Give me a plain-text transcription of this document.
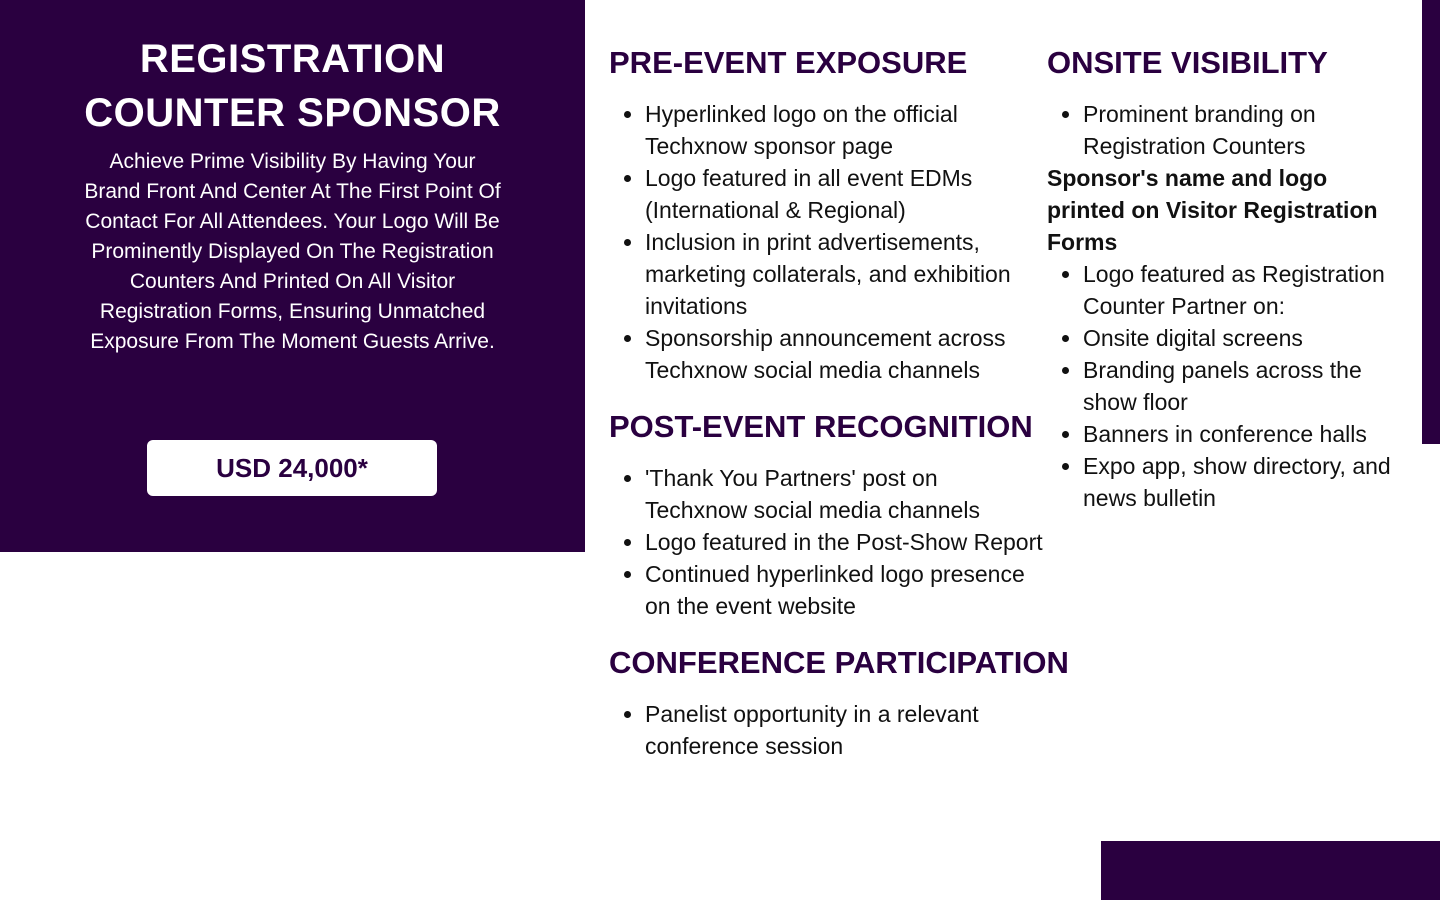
REGISTRATION
COUNTER SPONSOR

Achieve Prime Visibility By Having Your Brand Front And Center At The First Point Of Contact For All Attendees. Your Logo Will Be Prominently Displayed On The Registration Counters And Printed On All Visitor Registration Forms, Ensuring Unmatched Exposure From The Moment Guests Arrive.

USD 24,000*
PRE-EVENT EXPOSURE
• Hyperlinked logo on the official Techxnow sponsor page
• Logo featured in all event EDMs (International & Regional)
• Inclusion in print advertisements, marketing collaterals, and exhibition invitations
• Sponsorship announcement across Techxnow social media channels
POST-EVENT RECOGNITION
• 'Thank You Partners' post on Techxnow social media channels
• Logo featured in the Post-Show Report
• Continued hyperlinked logo presence on the event website
CONFERENCE PARTICIPATION
• Panelist opportunity in a relevant conference session
ONSITE VISIBILITY
• Prominent branding on Registration Counters
Sponsor's name and logo printed on Visitor Registration Forms
• Logo featured as Registration Counter Partner on:
• Onsite digital screens
• Branding panels across the show floor
• Banners in conference halls
• Expo app, show directory, and news bulletin
